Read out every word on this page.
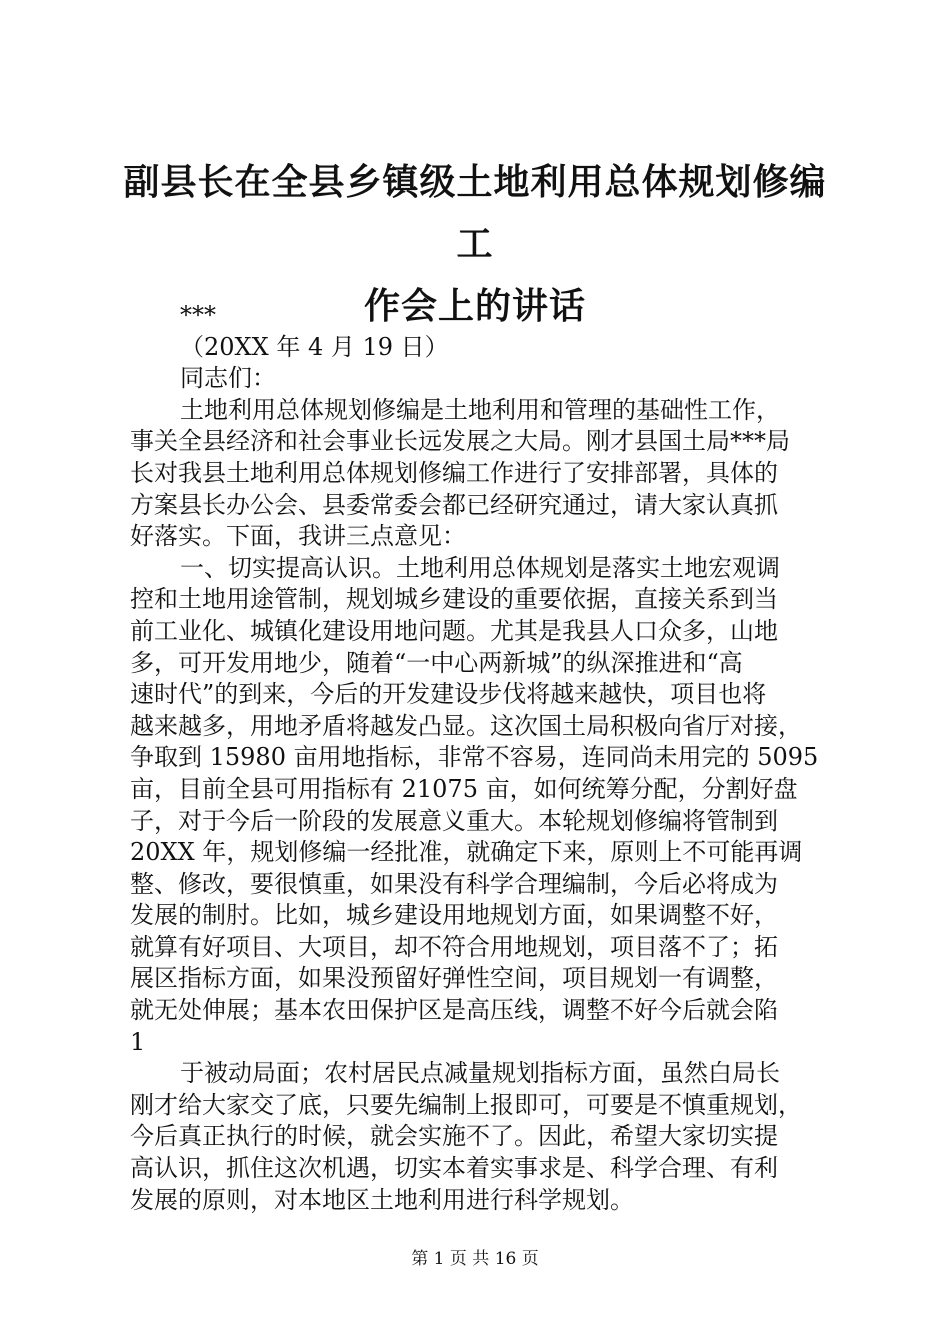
副县长在全县乡镇级土地利用总体规划修编工
作会上的讲话
***
（20XX 年 4 月 19 日）
同志们：
土地利用总体规划修编是土地利用和管理的基础性工作，
事关全县经济和社会事业长远发展之大局。刚才县国土局***局
长对我县土地利用总体规划修编工作进行了安排部署，具体的
方案县长办公会、县委常委会都已经研究通过，请大家认真抓
好落实。下面，我讲三点意见：
一、切实提高认识。土地利用总体规划是落实土地宏观调
控和土地用途管制，规划城乡建设的重要依据，直接关系到当
前工业化、城镇化建设用地问题。尤其是我县人口众多，山地
多，可开发用地少，随着“一中心两新城”的纵深推进和“高
速时代”的到来，今后的开发建设步伐将越来越快，项目也将
越来越多，用地矛盾将越发凸显。这次国土局积极向省厅对接，
争取到 15980 亩用地指标，非常不容易，连同尚未用完的 5095
亩，目前全县可用指标有 21075 亩，如何统筹分配，分割好盘
子，对于今后一阶段的发展意义重大。本轮规划修编将管制到
20XX 年，规划修编一经批准，就确定下来，原则上不可能再调
整、修改，要很慎重，如果没有科学合理编制，今后必将成为
发展的制肘。比如，城乡建设用地规划方面，如果调整不好，
就算有好项目、大项目，却不符合用地规划，项目落不了；拓
展区指标方面，如果没预留好弹性空间，项目规划一有调整，
就无处伸展；基本农田保护区是高压线，调整不好今后就会陷
1
于被动局面；农村居民点减量规划指标方面，虽然白局长
刚才给大家交了底，只要先编制上报即可，可要是不慎重规划，
今后真正执行的时候，就会实施不了。因此，希望大家切实提
高认识，抓住这次机遇，切实本着实事求是、科学合理、有利
发展的原则，对本地区土地利用进行科学规划。
第 1 页 共 16 页
